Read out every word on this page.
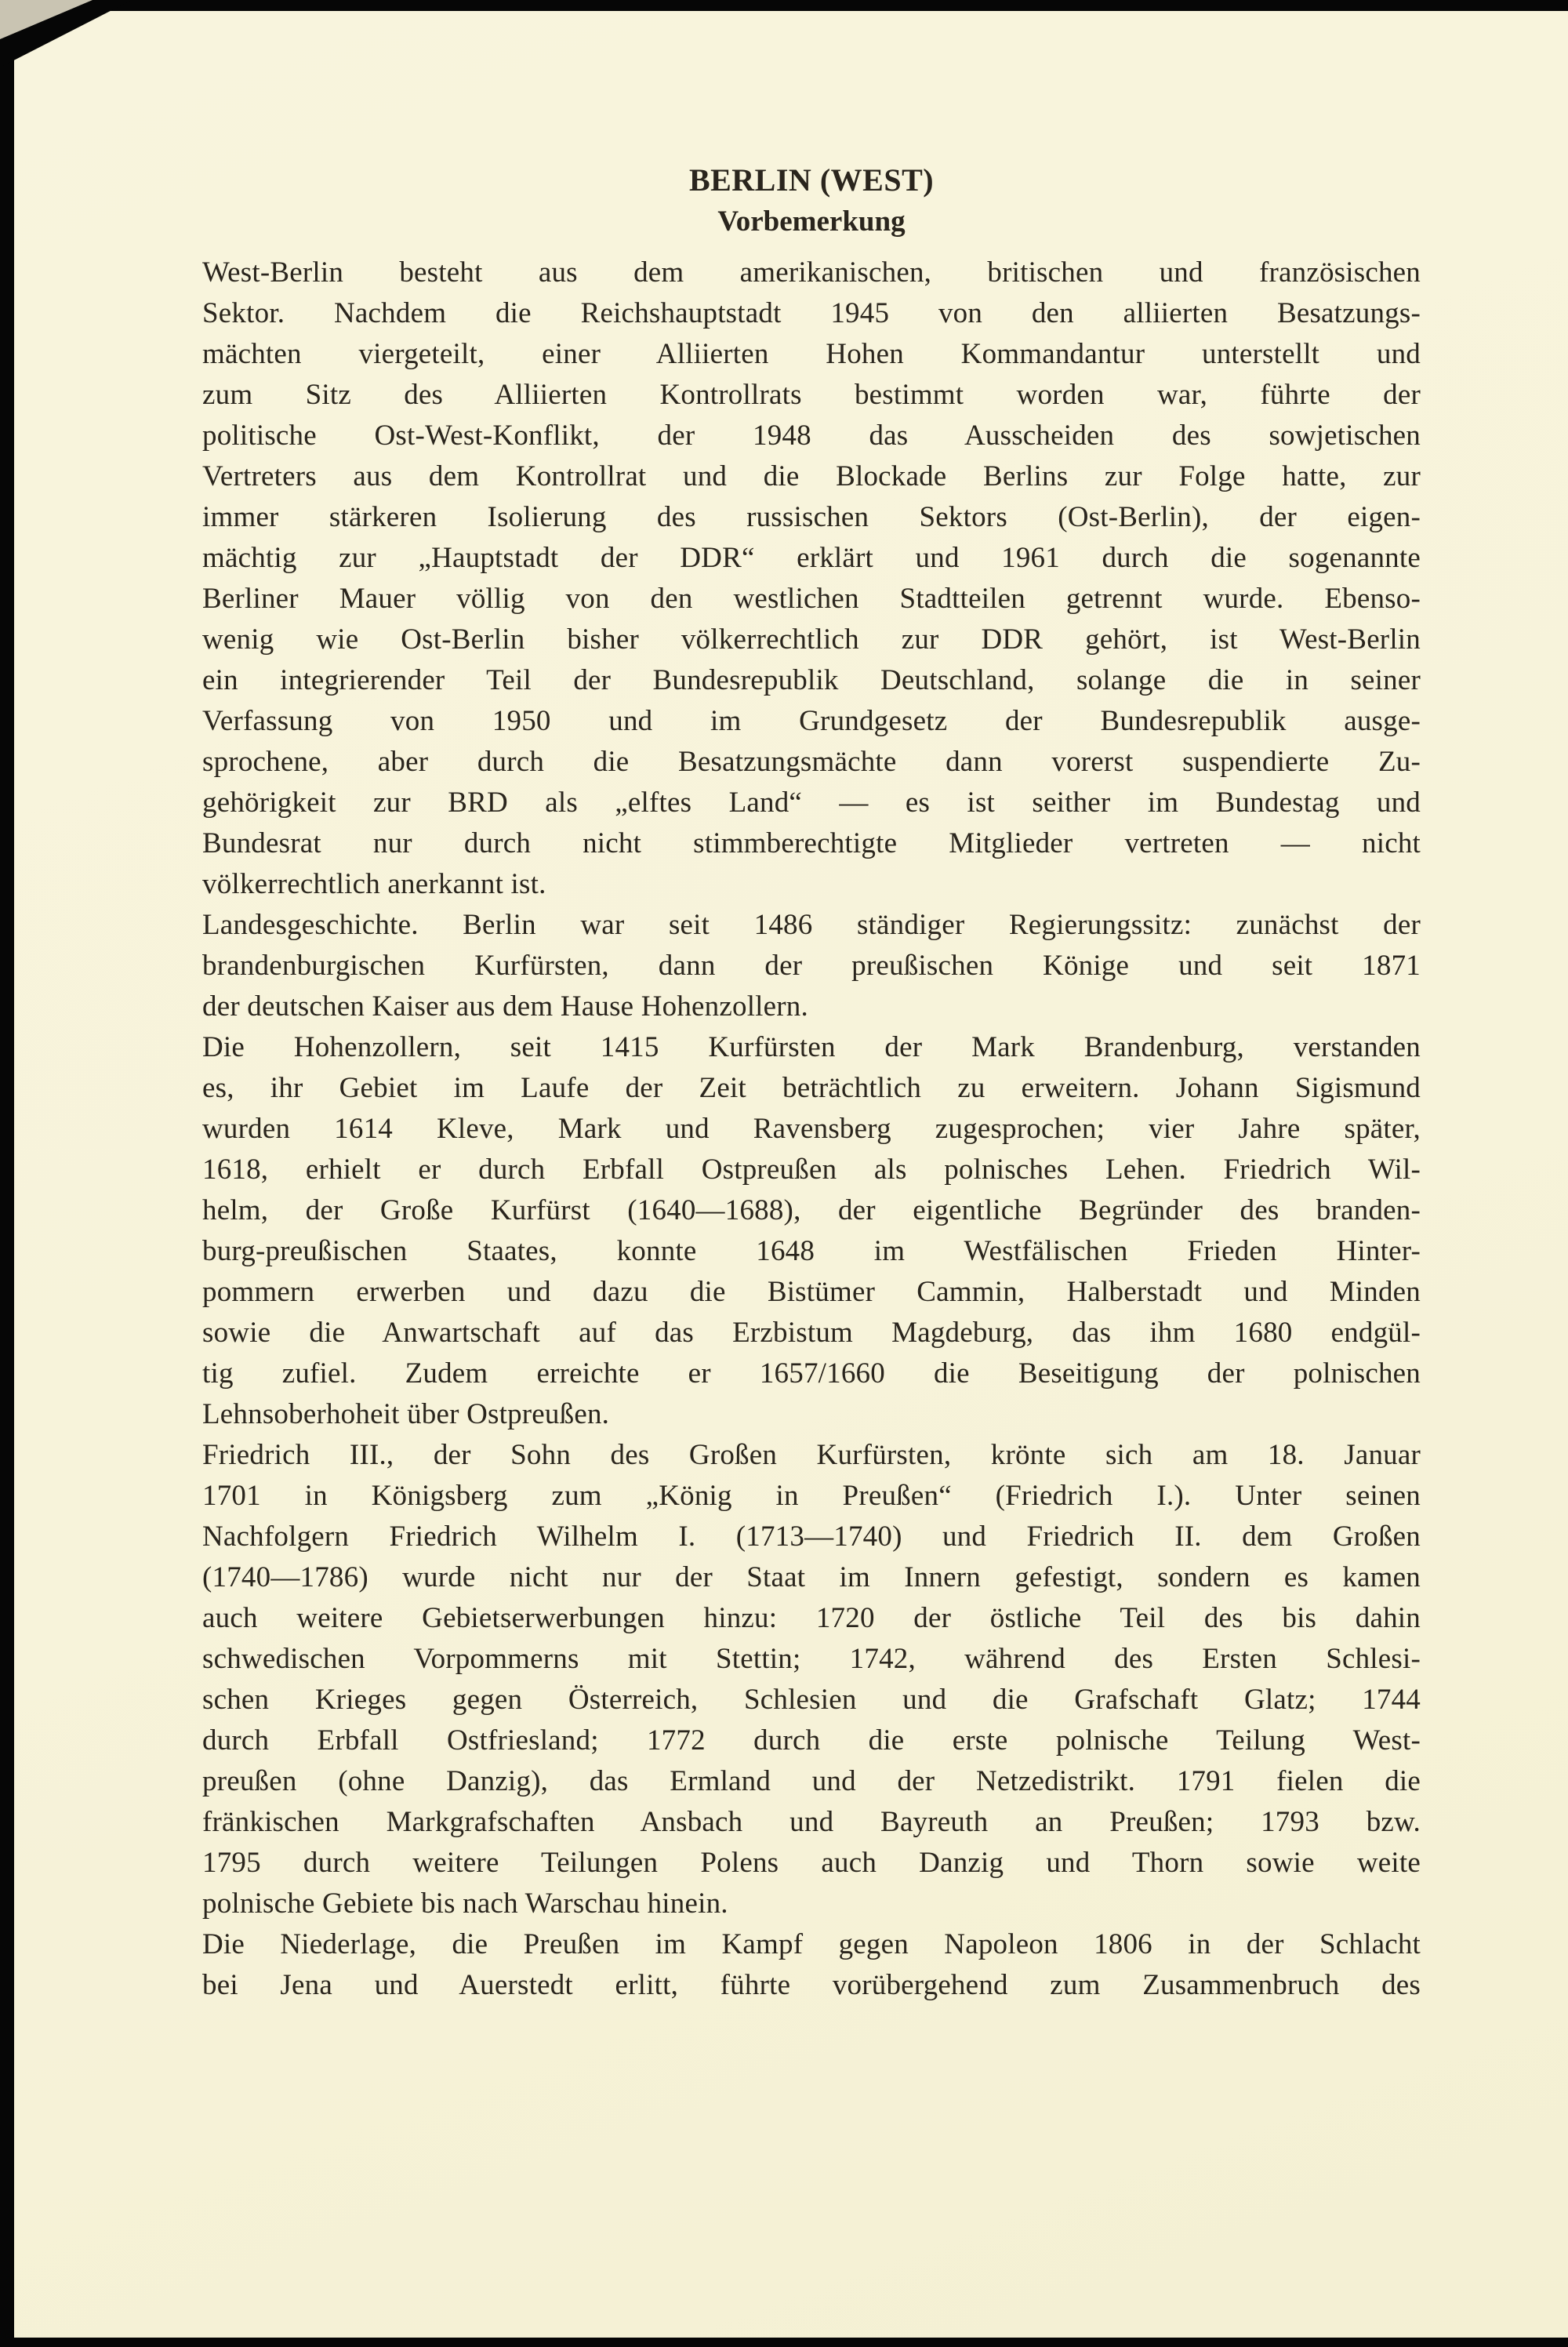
BERLIN (WEST)
Vorbemerkung
West-Berlin besteht aus dem amerikanischen, britischen und französischen
Sektor. Nachdem die Reichshauptstadt 1945 von den alliierten Besatzungs-
mächten viergeteilt, einer Alliierten Hohen Kommandantur unterstellt und
zum Sitz des Alliierten Kontrollrats bestimmt worden war, führte der
politische Ost-West-Konflikt, der 1948 das Ausscheiden des sowjetischen
Vertreters aus dem Kontrollrat und die Blockade Berlins zur Folge hatte, zur
immer stärkeren Isolierung des russischen Sektors (Ost-Berlin), der eigen-
mächtig zur „Hauptstadt der DDR“ erklärt und 1961 durch die sogenannte
Berliner Mauer völlig von den westlichen Stadtteilen getrennt wurde. Ebenso-
wenig wie Ost-Berlin bisher völkerrechtlich zur DDR gehört, ist West-Berlin
ein integrierender Teil der Bundesrepublik Deutschland, solange die in seiner
Verfassung von 1950 und im Grundgesetz der Bundesrepublik ausge-
sprochene, aber durch die Besatzungsmächte dann vorerst suspendierte Zu-
gehörigkeit zur BRD als „elftes Land“ — es ist seither im Bundestag und
Bundesrat nur durch nicht stimmberechtigte Mitglieder vertreten — nicht
völkerrechtlich anerkannt ist.
Landesgeschichte. Berlin war seit 1486 ständiger Regierungssitz: zunächst der
brandenburgischen Kurfürsten, dann der preußischen Könige und seit 1871
der deutschen Kaiser aus dem Hause Hohenzollern.
Die Hohenzollern, seit 1415 Kurfürsten der Mark Brandenburg, verstanden
es, ihr Gebiet im Laufe der Zeit beträchtlich zu erweitern. Johann Sigismund
wurden 1614 Kleve, Mark und Ravensberg zugesprochen; vier Jahre später,
1618, erhielt er durch Erbfall Ostpreußen als polnisches Lehen. Friedrich Wil-
helm, der Große Kurfürst (1640—1688), der eigentliche Begründer des branden-
burg-preußischen Staates, konnte 1648 im Westfälischen Frieden Hinter-
pommern erwerben und dazu die Bistümer Cammin, Halberstadt und Minden
sowie die Anwartschaft auf das Erzbistum Magdeburg, das ihm 1680 endgül-
tig zufiel. Zudem erreichte er 1657/1660 die Beseitigung der polnischen
Lehnsoberhoheit über Ostpreußen.
Friedrich III., der Sohn des Großen Kurfürsten, krönte sich am 18. Januar
1701 in Königsberg zum „König in Preußen“ (Friedrich I.). Unter seinen
Nachfolgern Friedrich Wilhelm I. (1713—1740) und Friedrich II. dem Großen
(1740—1786) wurde nicht nur der Staat im Innern gefestigt, sondern es kamen
auch weitere Gebietserwerbungen hinzu: 1720 der östliche Teil des bis dahin
schwedischen Vorpommerns mit Stettin; 1742, während des Ersten Schlesi-
schen Krieges gegen Österreich, Schlesien und die Grafschaft Glatz; 1744
durch Erbfall Ostfriesland; 1772 durch die erste polnische Teilung West-
preußen (ohne Danzig), das Ermland und der Netzedistrikt. 1791 fielen die
fränkischen Markgrafschaften Ansbach und Bayreuth an Preußen; 1793 bzw.
1795 durch weitere Teilungen Polens auch Danzig und Thorn sowie weite
polnische Gebiete bis nach Warschau hinein.
Die Niederlage, die Preußen im Kampf gegen Napoleon 1806 in der Schlacht
bei Jena und Auerstedt erlitt, führte vorübergehend zum Zusammenbruch des
